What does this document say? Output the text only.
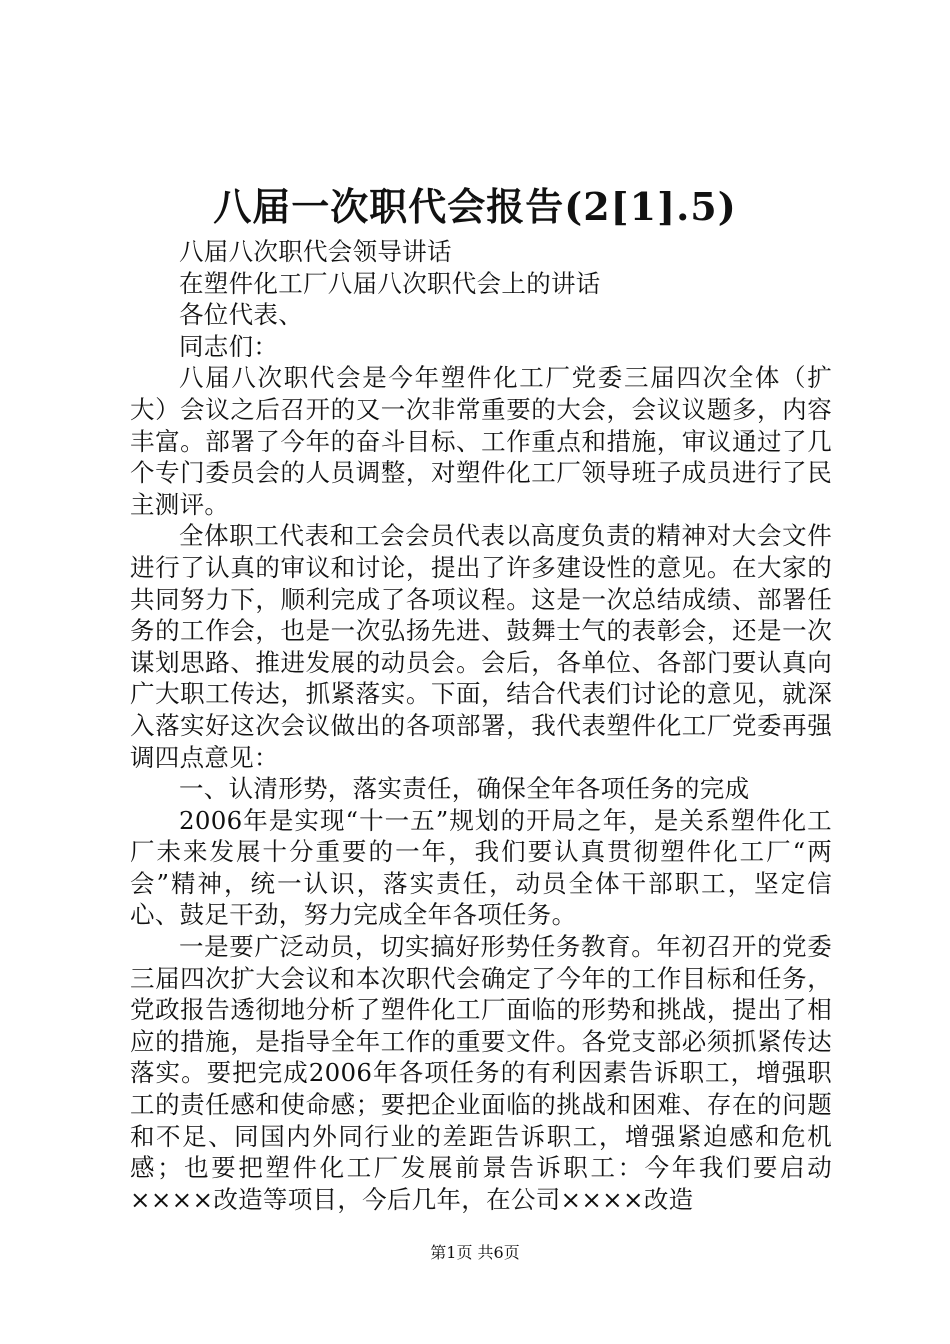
八届一次职代会报告(2[1].5)

八届八次职代会领导讲话

在塑件化工厂八届八次职代会上的讲话

各位代表、

同志们：

八届八次职代会是今年塑件化工厂党委三届四次全体（扩大）会议之后召开的又一次非常重要的大会，会议议题多，内容丰富。部署了今年的奋斗目标、工作重点和措施，审议通过了几个专门委员会的人员调整，对塑件化工厂领导班子成员进行了民主测评。

全体职工代表和工会会员代表以高度负责的精神对大会文件进行了认真的审议和讨论，提出了许多建设性的意见。在大家的共同努力下，顺利完成了各项议程。这是一次总结成绩、部署任务的工作会，也是一次弘扬先进、鼓舞士气的表彰会，还是一次谋划思路、推进发展的动员会。会后，各单位、各部门要认真向广大职工传达，抓紧落实。下面，结合代表们讨论的意见，就深入落实好这次会议做出的各项部署，我代表塑件化工厂党委再强调四点意见：

一、认清形势，落实责任，确保全年各项任务的完成

2006年是实现“十一五”规划的开局之年，是关系塑件化工厂未来发展十分重要的一年，我们要认真贯彻塑件化工厂“两会”精神，统一认识，落实责任，动员全体干部职工，坚定信心、鼓足干劲，努力完成全年各项任务。

一是要广泛动员，切实搞好形势任务教育。年初召开的党委三届四次扩大会议和本次职代会确定了今年的工作目标和任务，党政报告透彻地分析了塑件化工厂面临的形势和挑战，提出了相应的措施，是指导全年工作的重要文件。各党支部必须抓紧传达落实。要把完成2006年各项任务的有利因素告诉职工，增强职工的责任感和使命感；要把企业面临的挑战和困难、存在的问题和不足、同国内外同行业的差距告诉职工，增强紧迫感和危机感；也要把塑件化工厂发展前景告诉职工：今年我们要启动××××改造等项目，今后几年，在公司××××改造

第1页 共6页
